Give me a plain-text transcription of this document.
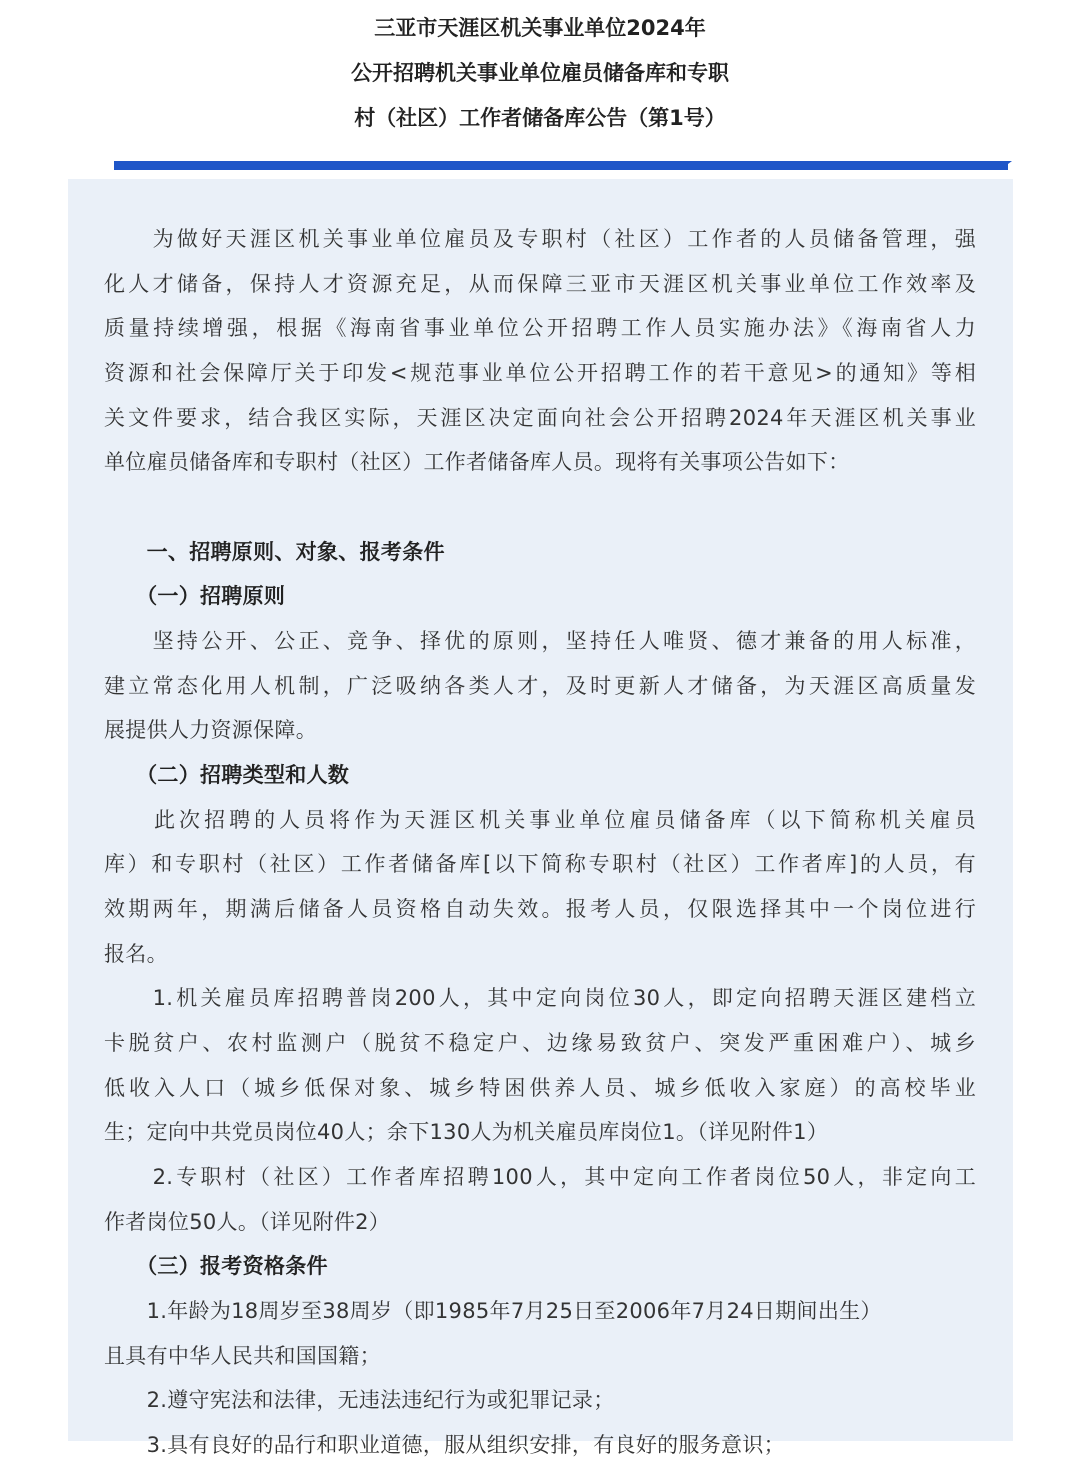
三亚市天涯区机关事业单位2024年
公开招聘机关事业单位雇员储备库和专职
村（社区）工作者储备库公告（第1号）
　　为做好天涯区机关事业单位雇员及专职村（社区）工作者的人员储备管理，强
化人才储备，保持人才资源充足，从而保障三亚市天涯区机关事业单位工作效率及
质量持续增强，根据《海南省事业单位公开招聘工作人员实施办法》《海南省人力
资源和社会保障厅关于印发<规范事业单位公开招聘工作的若干意见>的通知》等相
关文件要求，结合我区实际，天涯区决定面向社会公开招聘2024年天涯区机关事业
单位雇员储备库和专职村（社区）工作者储备库人员。现将有关事项公告如下：
　　一、招聘原则、对象、报考条件
　　（一）招聘原则
　　坚持公开、公正、竞争、择优的原则，坚持任人唯贤、德才兼备的用人标准，
建立常态化用人机制，广泛吸纳各类人才，及时更新人才储备，为天涯区高质量发
展提供人力资源保障。
　　（二）招聘类型和人数
　　此次招聘的人员将作为天涯区机关事业单位雇员储备库（以下简称机关雇员
库）和专职村（社区）工作者储备库[以下简称专职村（社区）工作者库]的人员，有
效期两年，期满后储备人员资格自动失效。报考人员，仅限选择其中一个岗位进行
报名。
　　1.机关雇员库招聘普岗200人，其中定向岗位30人，即定向招聘天涯区建档立
卡脱贫户、农村监测户（脱贫不稳定户、边缘易致贫户、突发严重困难户）、城乡
低收入人口（城乡低保对象、城乡特困供养人员、城乡低收入家庭）的高校毕业
生；定向中共党员岗位40人；余下130人为机关雇员库岗位1。（详见附件1）
　　2.专职村（社区）工作者库招聘100人，其中定向工作者岗位50人，非定向工
作者岗位50人。（详见附件2）
　　（三）报考资格条件
　　1.年龄为18周岁至38周岁（即1985年7月25日至2006年7月24日期间出生）
且具有中华人民共和国国籍；
　　2.遵守宪法和法律，无违法违纪行为或犯罪记录；
　　3.具有良好的品行和职业道德，服从组织安排，有良好的服务意识；
